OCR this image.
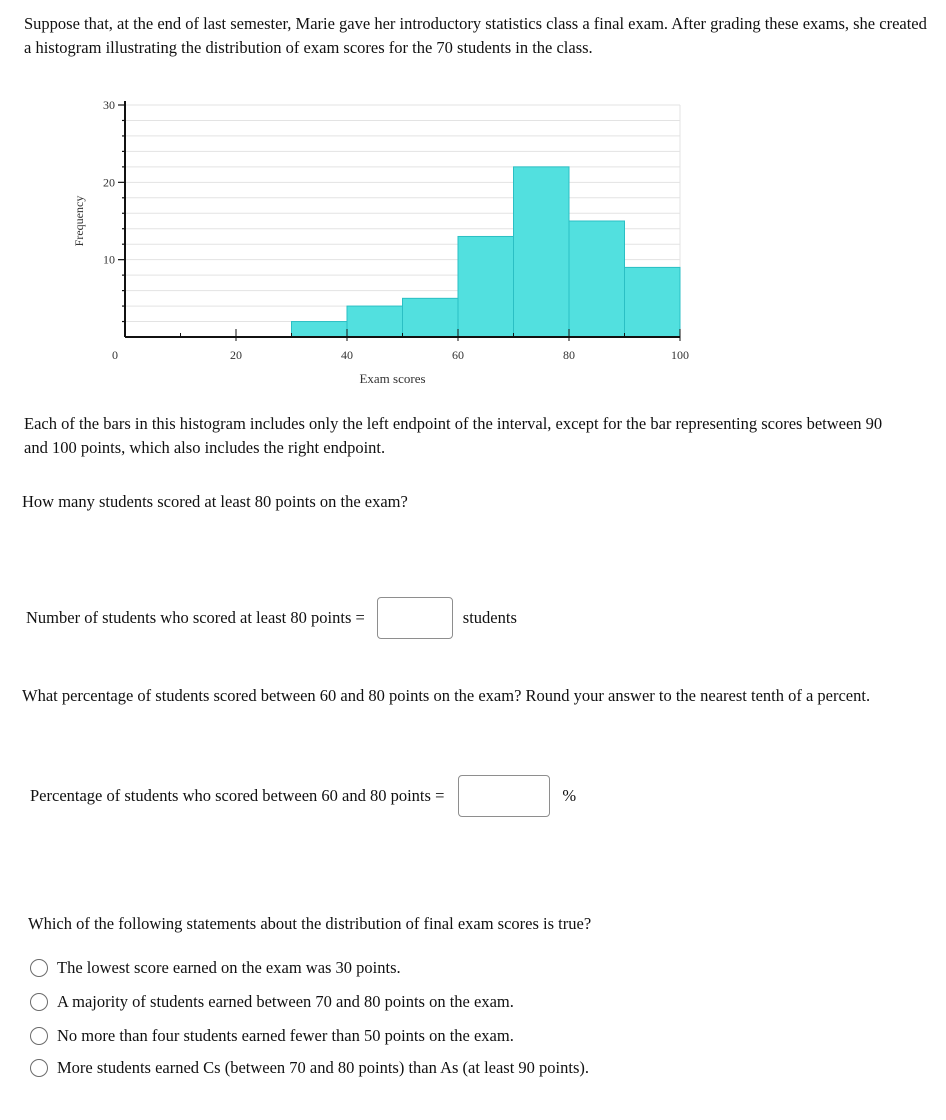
Suppose that, at the end of last semester, Marie gave her introductory statistics class a final exam. After grading these exams, she created a histogram illustrating the distribution of exam scores for the 70 students in the class.
10
20
30
0	20	40	60	80	100
Exam scores
Frequency
Each of the bars in this histogram includes only the left endpoint of the interval, except for the bar representing scores between 90 and 100 points, which also includes the right endpoint.
How many students scored at least 80 points on the exam?
Number of students who scored at least 80 points =	students
What percentage of students scored between 60 and 80 points on the exam? Round your answer to the nearest tenth of a percent.
Percentage of students who scored between 60 and 80 points =	%
Which of the following statements about the distribution of final exam scores is true?
The lowest score earned on the exam was 30 points.
A majority of students earned between 70 and 80 points on the exam.
No more than four students earned fewer than 50 points on the exam.
More students earned Cs (between 70 and 80 points) than As (at least 90 points).
